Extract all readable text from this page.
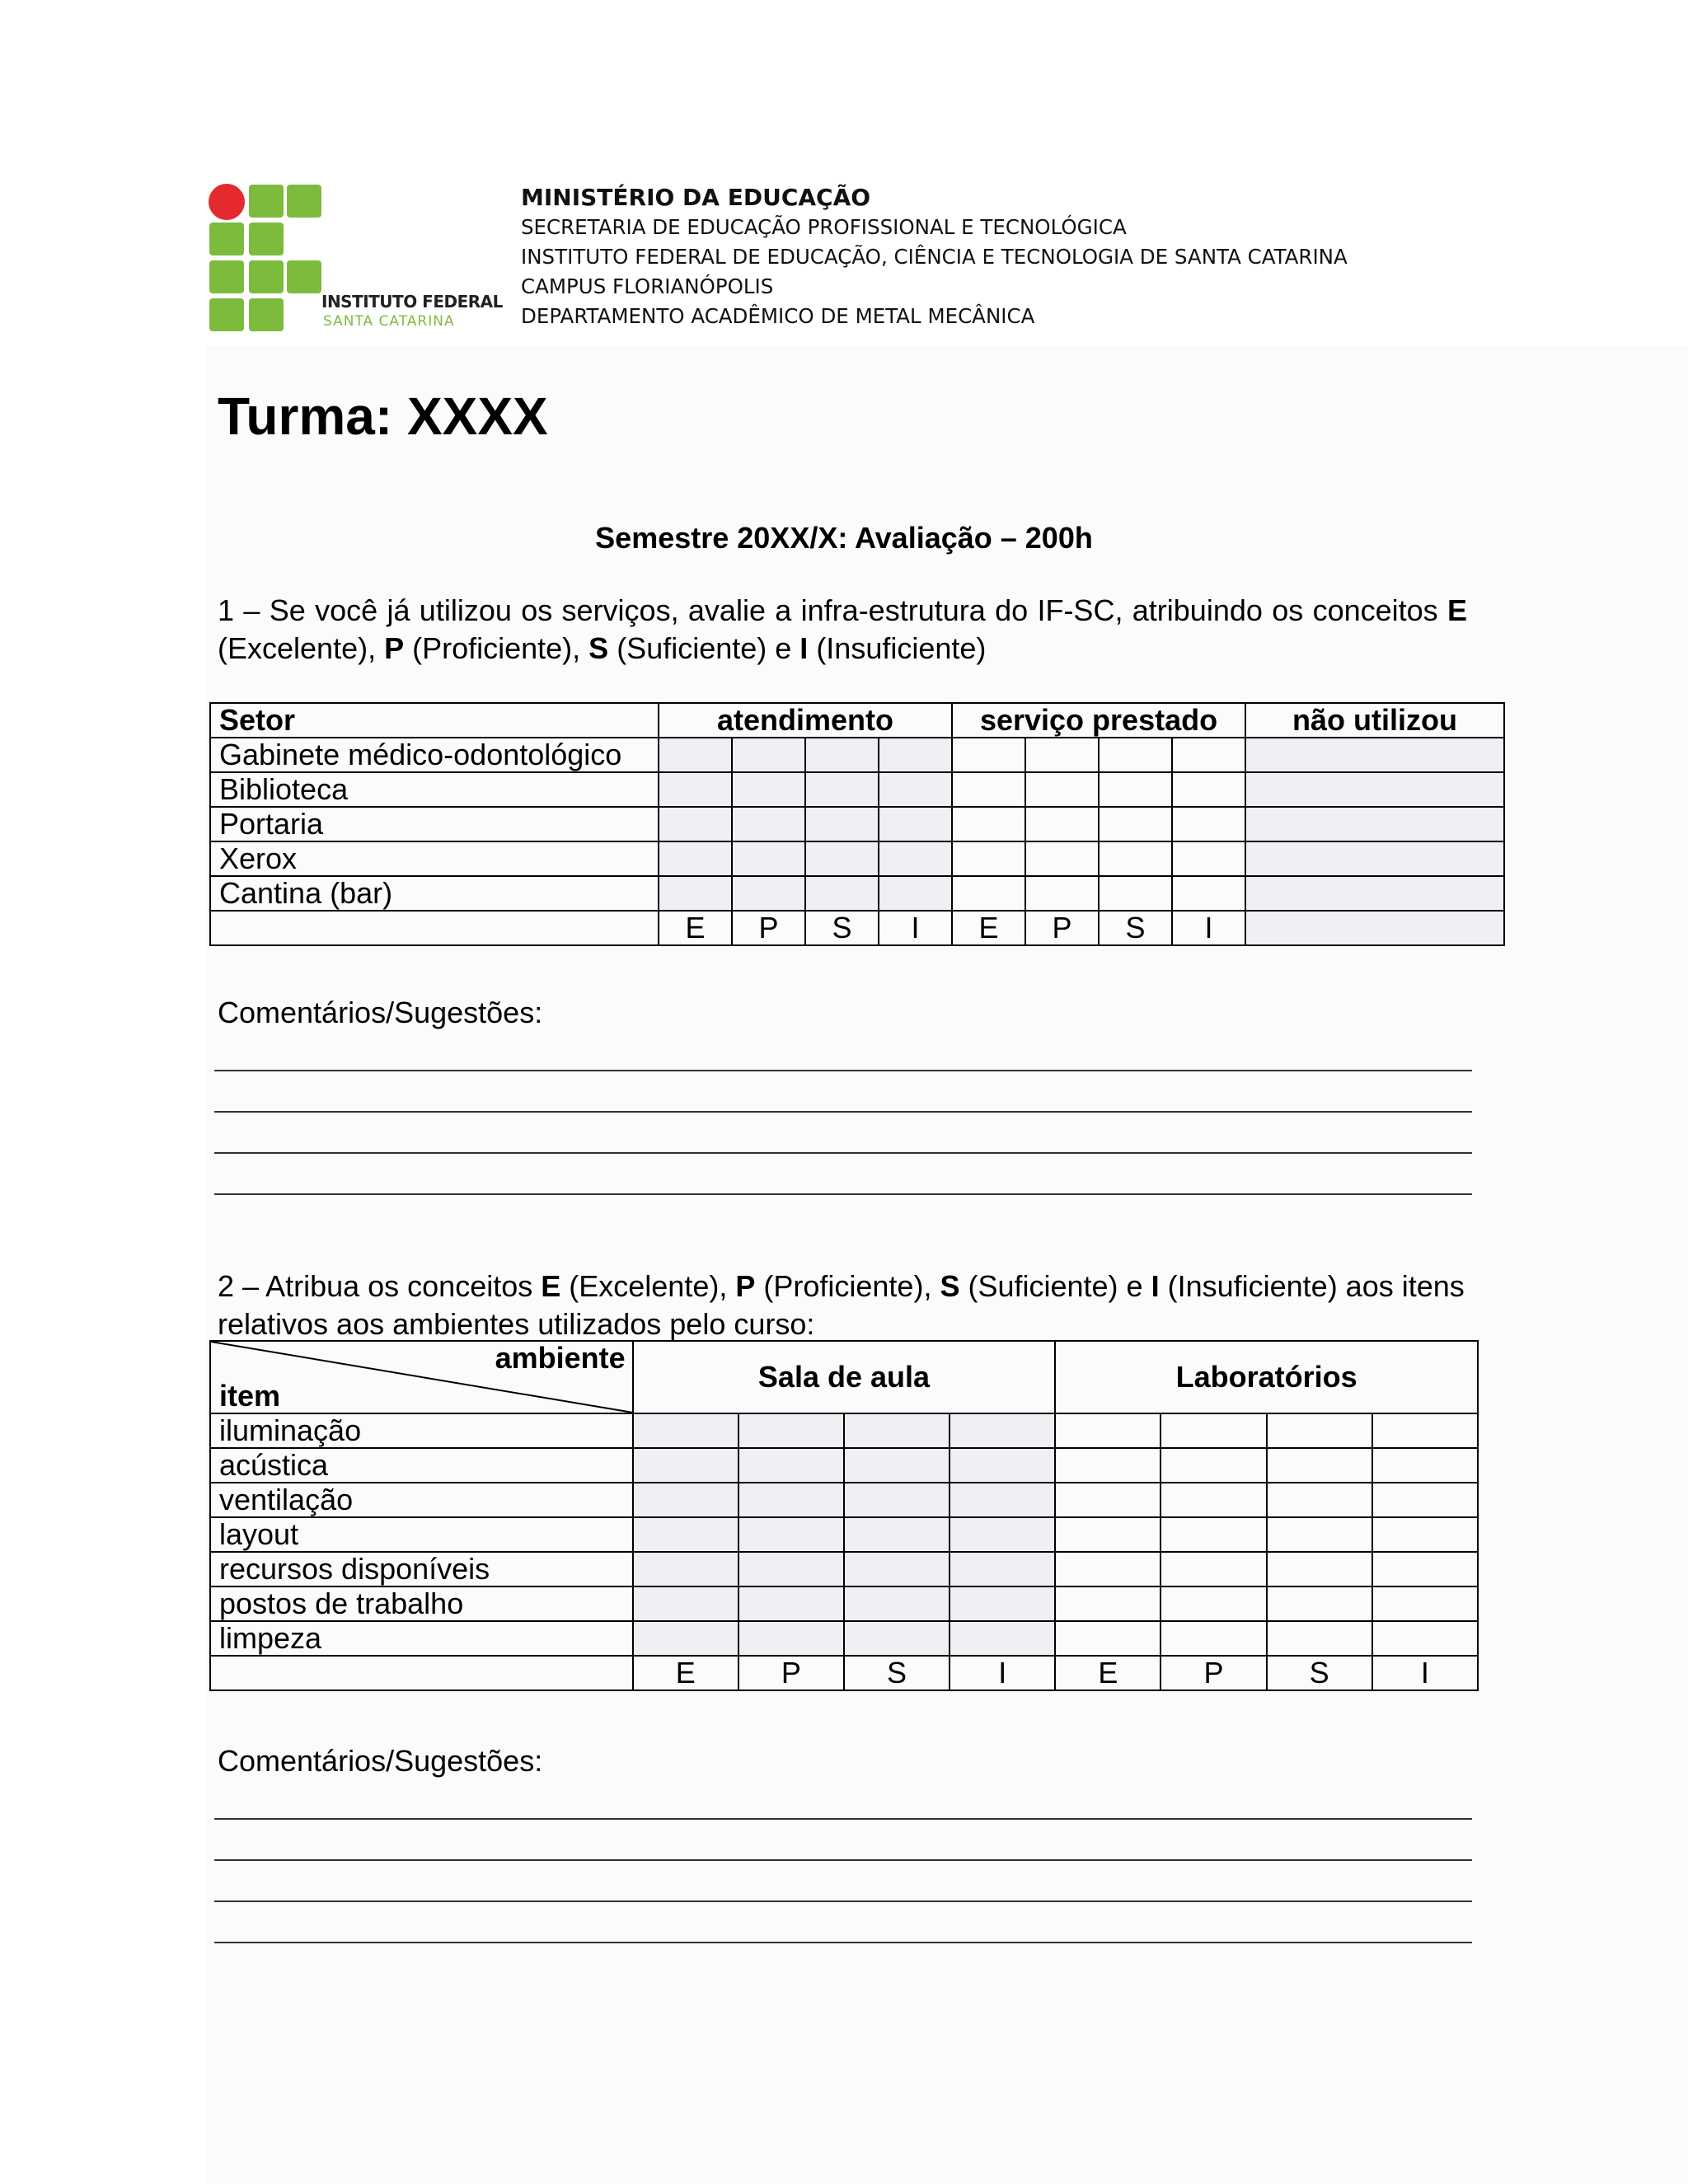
INSTITUTO FEDERAL
SANTA CATARINA
MINISTÉRIO DA EDUCAÇÃO
SECRETARIA DE EDUCAÇÃO PROFISSIONAL E TECNOLÓGICA
INSTITUTO FEDERAL DE EDUCAÇÃO, CIÊNCIA E TECNOLOGIA DE SANTA CATARINA
CAMPUS FLORIANÓPOLIS
DEPARTAMENTO ACADÊMICO DE METAL MECÂNICA
Turma: XXXX
Semestre 20XX/X: Avaliação – 200h
1 – Se você já utilizou os serviços, avalie a infra-estrutura do IF-SC, atribuindo os conceitos E (Excelente), P (Proficiente), S (Suficiente) e I (Insuficiente)
Setor	atendimento				serviço prestado				não utilizou
Gabinete médico-odontológico									
Biblioteca									
Portaria									
Xerox									
Cantina (bar)									
	E	P	S	I	E	P	S	I	
Comentários/Sugestões:
2 – Atribua os conceitos E (Excelente), P (Proficiente), S (Suficiente) e I (Insuficiente) aos itens relativos aos ambientes utilizados pelo curso:
ambiente
item	Sala de aula				Laboratórios			
iluminação								
acústica								
ventilação								
layout								
recursos disponíveis								
postos de trabalho								
limpeza								
	E	P	S	I	E	P	S	I
Comentários/Sugestões:
